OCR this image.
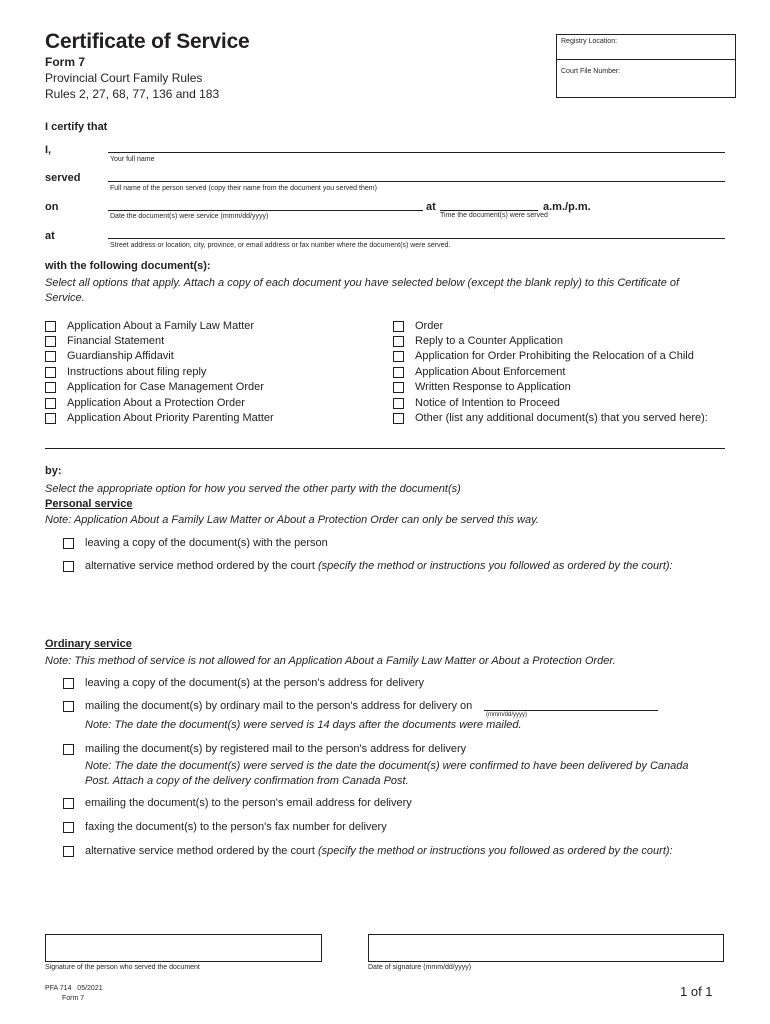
Certificate of Service
Form 7
Provincial Court Family Rules
Rules 2, 27, 68, 77, 136 and 183
Registry Location:
Court File Number:
I certify that
I,
Your full name
served
Full name of the person served (copy their name from the document you served them)
on
Date the document(s) were service (mmm/dd/yyyy)
at
Time the document(s) were served
a.m./p.m.
at
Street address or location, city, province, or email address or fax number where the document(s) were served.
with the following document(s):
Select all options that apply. Attach a copy of each document you have selected below (except the blank reply) to this Certificate of
Service.
Application About a Family Law Matter
Financial Statement
Guardianship Affidavit
Instructions about filing reply
Application for Case Management Order
Application About a Protection Order
Application About Priority Parenting Matter
Order
Reply to a Counter Application
Application for Order Prohibiting the Relocation of a Child
Application About Enforcement
Written Response to Application
Notice of Intention to Proceed
Other (list any additional document(s) that you served here):
by:
Select the appropriate option for how you served the other party with the document(s)
Personal service
Note: Application About a Family Law Matter or About a Protection Order can only be served this way.
leaving a copy of the document(s) with the person
alternative service method ordered by the court
(specify the method or instructions you followed as ordered by the court):
Ordinary service
Note: This method of service is not allowed for an Application About a Family Law Matter or About a Protection Order.
leaving a copy of the document(s) at the person's address for delivery
mailing the document(s) by ordinary mail to the person's address for delivery on
(mmm/dd/yyyy)
Note: The date the document(s) were served is 14 days after the documents were mailed.
mailing the document(s) by registered mail to the person's address for delivery
Note: The date the document(s) were served is the date the document(s) were confirmed to have been delivered by Canada
Post. Attach a copy of the delivery confirmation from Canada Post.
emailing the document(s) to the person's email address for delivery
faxing the document(s) to the person's fax number for delivery
alternative service method ordered by the court
(specify the method or instructions you followed as ordered by the court):
Signature of the person who served the document	Date of signature (mmm/dd/yyyy)
PFA 714   05/2021
Form 7	1 of 1
